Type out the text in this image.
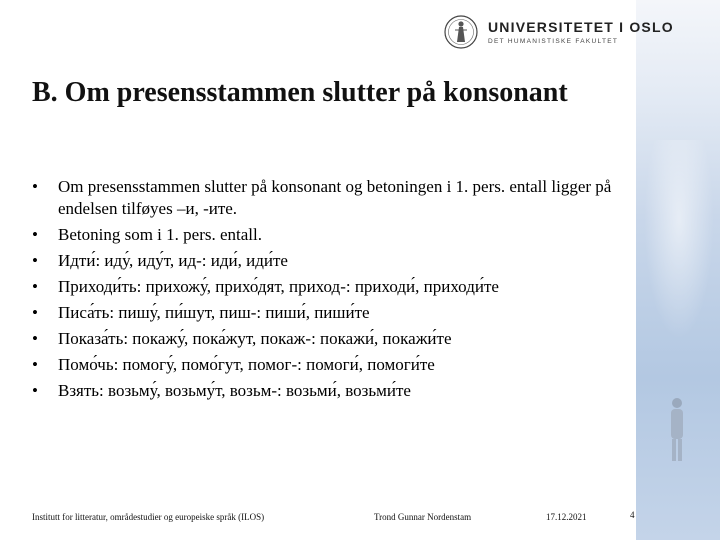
UNIVERSITETET I OSLO
DET HUMANISTISKE FAKULTET
B. Om presensstammen slutter på konsonant
• Om presensstammen slutter på konsonant og betoningen i 1. pers. entall ligger på endelsen tilføyes –и, -ите.
• Betoning som i 1. pers. entall.
• Идти́: иду́, иду́т, ид-: иди́, иди́те
• Приходи́ть: прихожу́, прихо́дят, приход-: приходи́, приходи́те
• Писа́ть: пишу́, пи́шут, пиш-: пиши́, пиши́те
• Показа́ть: покажу́, пока́жут, покаж-: покажи́, покажи́те
• Помо́чь: помогу́, помо́гут, помог-: помоги́, помоги́те
• Взять: возьму́, возьму́т, возьм-: возьми́, возьми́те
Institutt for litteratur, områdestudier og europeiske språk (ILOS)	Trond Gunnar Nordenstam	17.12.2021	4
